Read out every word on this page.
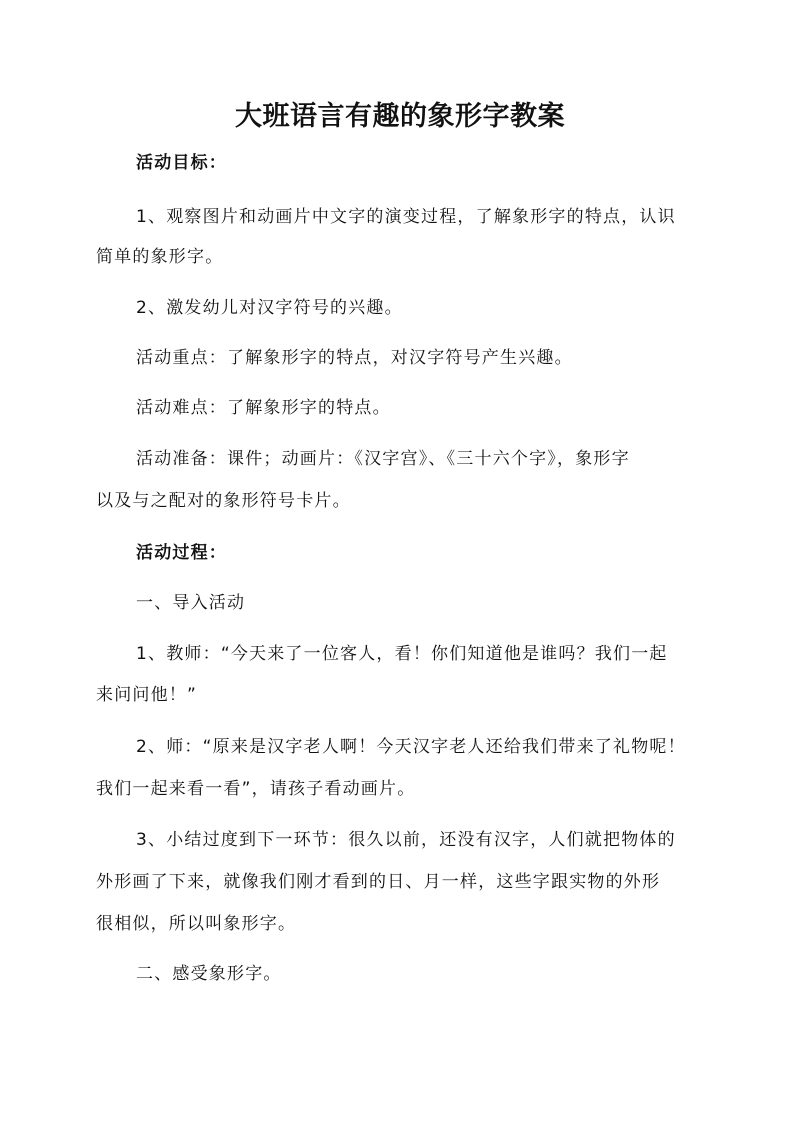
大班语言有趣的象形字教案
活动目标：
1、观察图片和动画片中文字的演变过程，了解象形字的特点，认识
简单的象形字。
2、激发幼儿对汉字符号的兴趣。
活动重点：了解象形字的特点，对汉字符号产生兴趣。
活动难点：了解象形字的特点。
活动准备：课件；动画片：《汉字宫》、《三十六个字》，象形字
以及与之配对的象形符号卡片。
活动过程：
一、导入活动
1、教师：“今天来了一位客人，看！你们知道他是谁吗？我们一起
来问问他！”
2、师：“原来是汉字老人啊！今天汉字老人还给我们带来了礼物呢！
我们一起来看一看”，请孩子看动画片。
3、小结过度到下一环节：很久以前，还没有汉字，人们就把物体的
外形画了下来，就像我们刚才看到的日、月一样，这些字跟实物的外形
很相似，所以叫象形字。
二、感受象形字。
